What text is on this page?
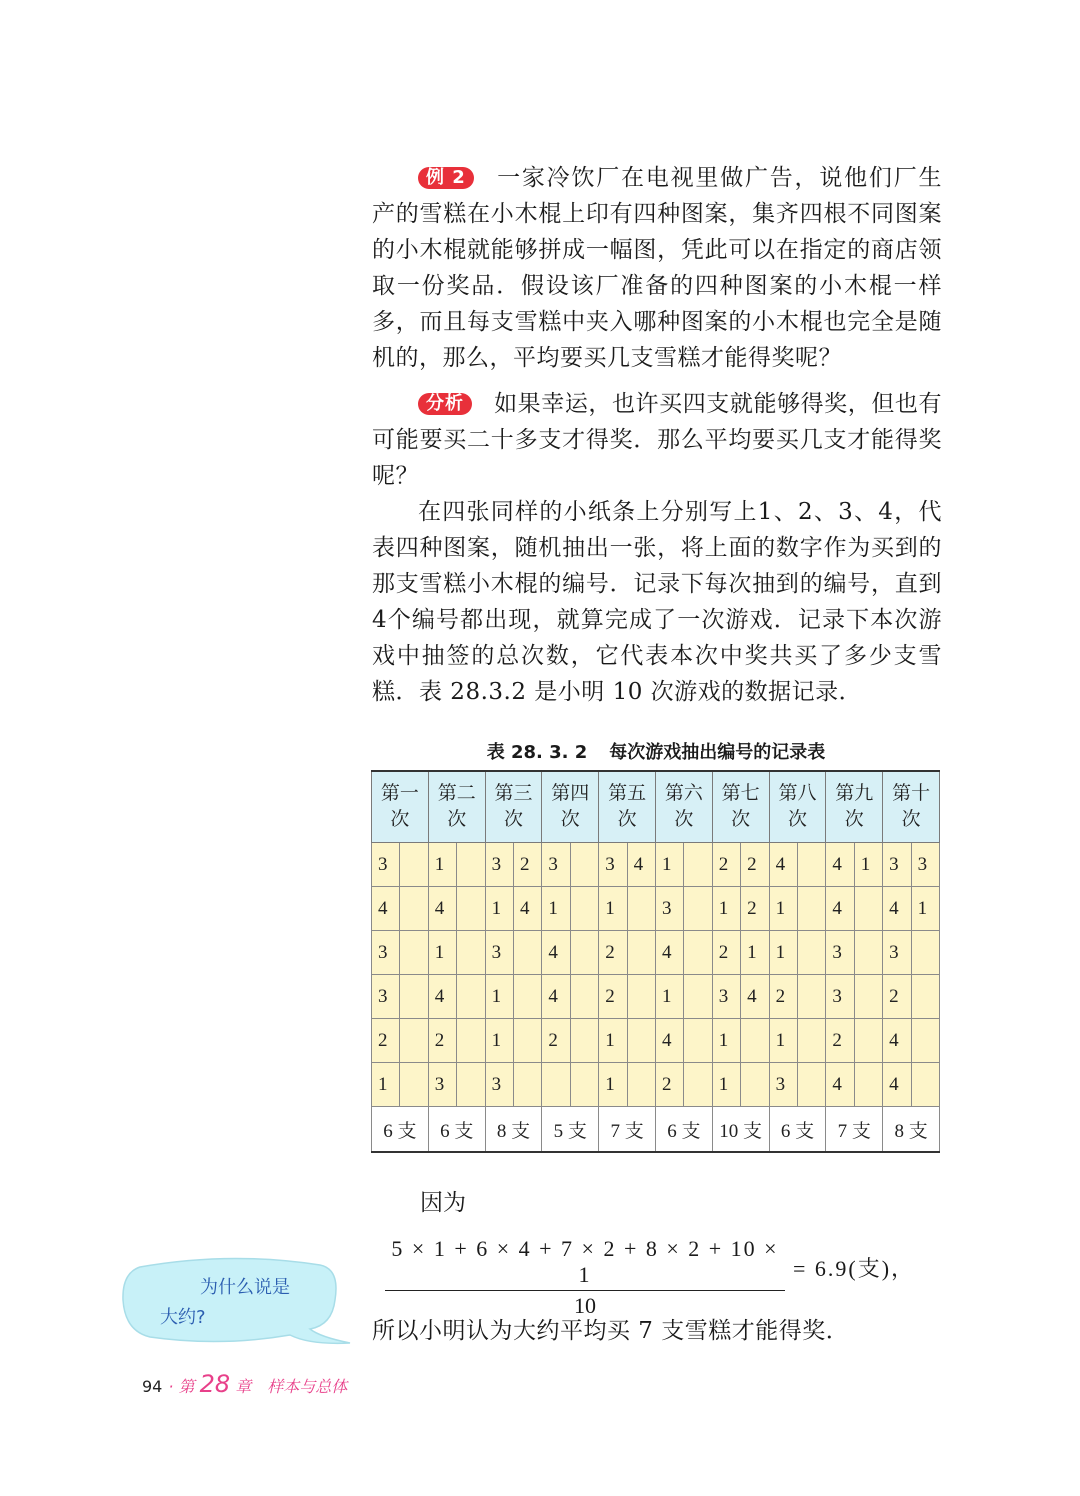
例 2 一家冷饮厂在电视里做广告，说他们厂生产的雪糕在小木棍上印有四种图案，集齐四根不同图案的小木棍就能够拼成一幅图，凭此可以在指定的商店领取一份奖品．假设该厂准备的四种图案的小木棍一样多，而且每支雪糕中夹入哪种图案的小木棍也完全是随机的，那么，平均要买几支雪糕才能得奖呢？

分析 如果幸运，也许买四支就能够得奖，但也有可能要买二十多支才得奖．那么平均要买几支才能得奖呢？

在四张同样的小纸条上分别写上1、2、3、4，代表四种图案，随机抽出一张，将上面的数字作为买到的那支雪糕小木棍的编号．记录下每次抽到的编号，直到4个编号都出现，就算完成了一次游戏．记录下本次游戏中抽签的总次数，它代表本次中奖共买了多少支雪糕．表 28.3.2 是小明 10 次游戏的数据记录．

表 28. 3. 2 每次游戏抽出编号的记录表
第一次		第二次		第三次		第四次		第五次		第六次		第七次		第八次		第九次		第十次	
3		1		3	2	3		3	4	1		2	2	4		4	1	3	3
4		4		1	4	1		1		3		1	2	1		4		4	1
3		1		3		4		2		4		2	1	1		3		3	
3		4		1		4		2		1		3	4	2		3		2	
2		2		1		2		1		4		1		1		2		4	
1		3		3				1		2		1		3		4		4	
6 支		6 支		8 支		5 支		7 支		6 支		10 支		6 支		7 支		8 支	
因为
5 × 1 + 6 × 4 + 7 × 2 + 8 × 2 + 10 × 1
10
= 6.9(支)，
所以小明认为大约平均买 7 支雪糕才能得奖．
为什么说是
大约?
94 · 第 28 章　样本与总体
